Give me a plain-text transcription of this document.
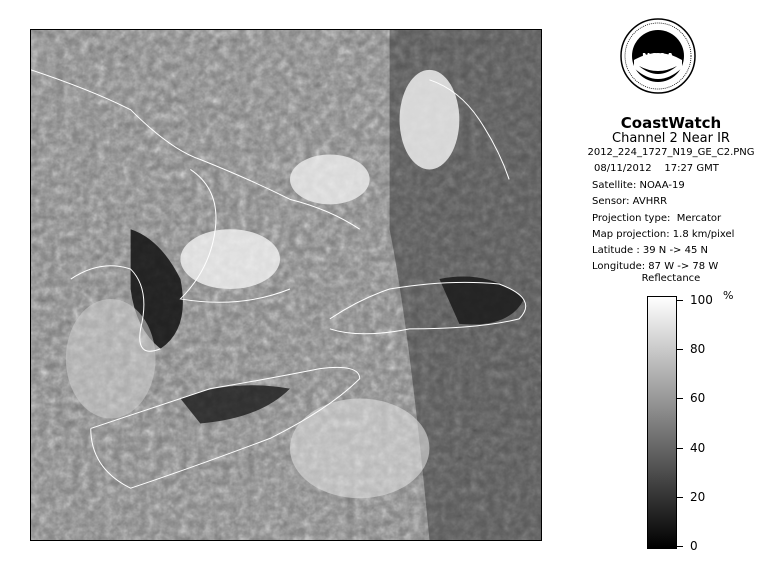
NOAA
CoastWatch
Channel 2 Near IR
2012_224_1727_N19_GE_C2.PNG
08/11/2012    17:27 GMT
Satellite: NOAA-19
Sensor: AVHRR
Projection type:  Mercator
Map projection: 1.8 km/pixel
Latitude : 39 N -> 45 N
Longitude: 87 W -> 78 W
Reflectance
100 %
80
60
40
20
0
